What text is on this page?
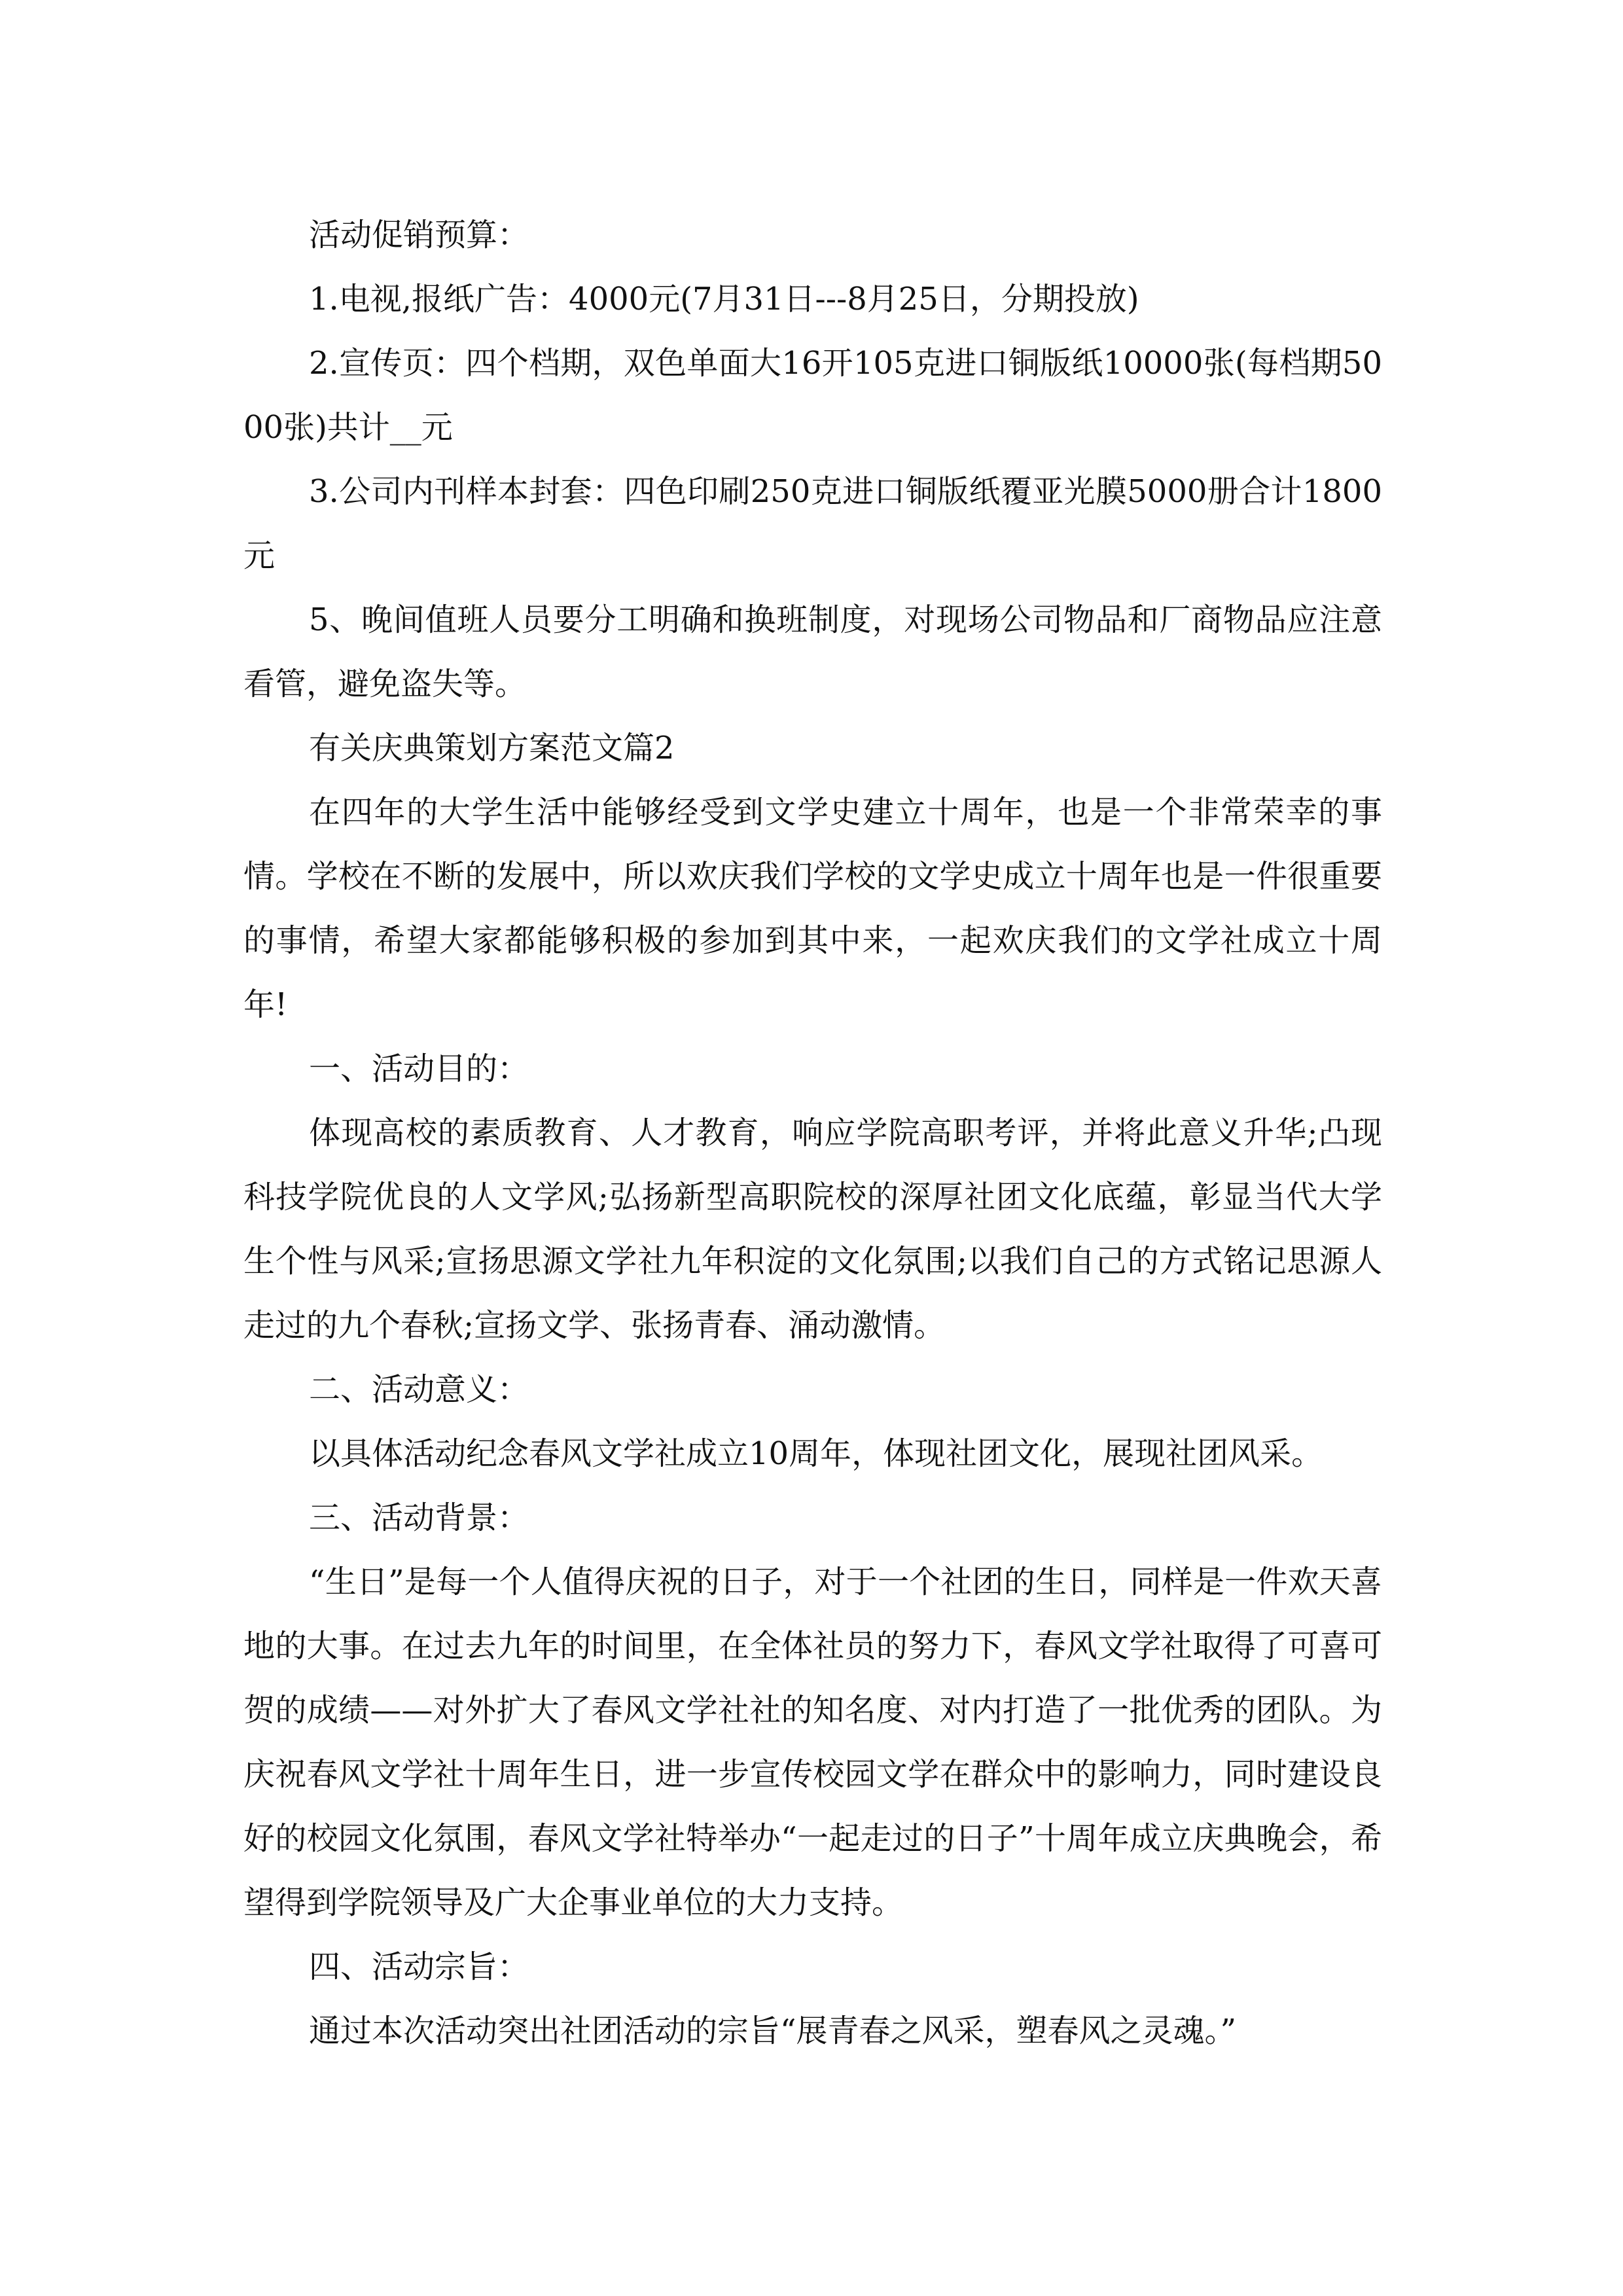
活动促销预算：

1.电视,报纸广告：4000元(7月31日---8月25日，分期投放)

2.宣传页：四个档期，双色单面大16开105克进口铜版纸10000张(每档期5000张)共计__元

3.公司内刊样本封套：四色印刷250克进口铜版纸覆亚光膜5000册合计1800元

5、晚间值班人员要分工明确和换班制度，对现场公司物品和厂商物品应注意看管，避免盗失等。

有关庆典策划方案范文篇2

在四年的大学生活中能够经受到文学史建立十周年，也是一个非常荣幸的事情。学校在不断的发展中，所以欢庆我们学校的文学史成立十周年也是一件很重要的事情，希望大家都能够积极的参加到其中来，一起欢庆我们的文学社成立十周年!

一、活动目的：

体现高校的素质教育、人才教育，响应学院高职考评，并将此意义升华;凸现科技学院优良的人文学风;弘扬新型高职院校的深厚社团文化底蕴，彰显当代大学生个性与风采;宣扬思源文学社九年积淀的文化氛围;以我们自己的方式铭记思源人走过的九个春秋;宣扬文学、张扬青春、涌动激情。

二、活动意义：

以具体活动纪念春风文学社成立10周年，体现社团文化，展现社团风采。

三、活动背景：

“生日”是每一个人值得庆祝的日子，对于一个社团的生日，同样是一件欢天喜地的大事。在过去九年的时间里，在全体社员的努力下，春风文学社取得了可喜可贺的成绩——对外扩大了春风文学社社的知名度、对内打造了一批优秀的团队。为庆祝春风文学社十周年生日，进一步宣传校园文学在群众中的影响力，同时建设良好的校园文化氛围，春风文学社特举办“一起走过的日子”十周年成立庆典晚会，希望得到学院领导及广大企事业单位的大力支持。

四、活动宗旨：

通过本次活动突出社团活动的宗旨“展青春之风采，塑春风之灵魂。”
